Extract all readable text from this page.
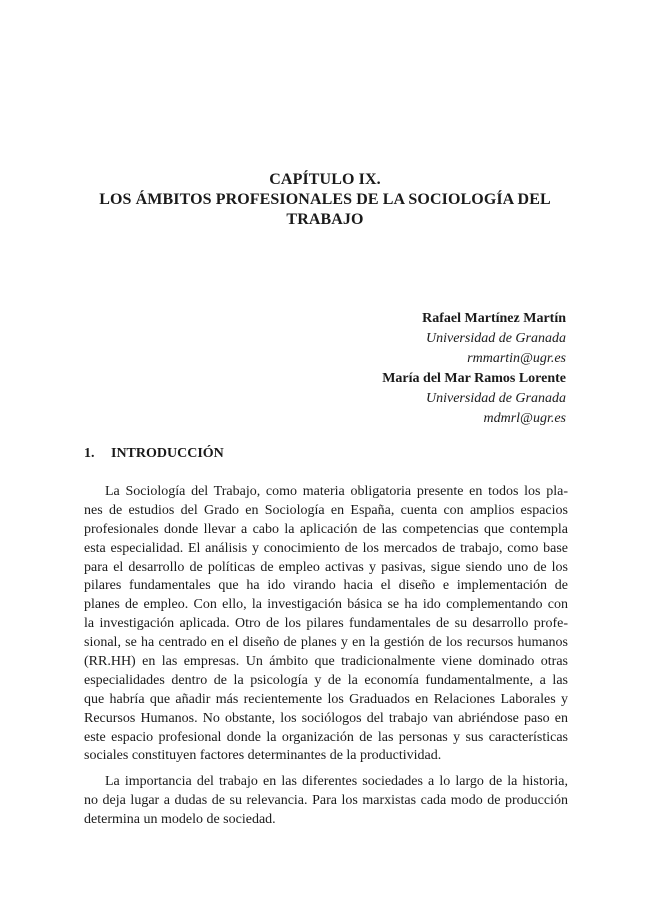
CAPÍTULO IX.
LOS ÁMBITOS PROFESIONALES DE LA SOCIOLOGÍA DEL
TRABAJO
Rafael Martínez Martín
Universidad de Granada
rmmartin@ugr.es
María del Mar Ramos Lorente
Universidad de Granada
mdmrl@ugr.es
1. INTRODUCCIÓN
La Sociología del Trabajo, como materia obligatoria presente en todos los pla-
nes de estudios del Grado en Sociología en España, cuenta con amplios espacios
profesionales donde llevar a cabo la aplicación de las competencias que contempla
esta especialidad. El análisis y conocimiento de los mercados de trabajo, como base
para el desarrollo de políticas de empleo activas y pasivas, sigue siendo uno de los
pilares fundamentales que ha ido virando hacia el diseño e implementación de
planes de empleo. Con ello, la investigación básica se ha ido complementando con
la investigación aplicada. Otro de los pilares fundamentales de su desarrollo profe-
sional, se ha centrado en el diseño de planes y en la gestión de los recursos humanos
(RR.HH) en las empresas. Un ámbito que tradicionalmente viene dominado otras
especialidades dentro de la psicología y de la economía fundamentalmente, a las
que habría que añadir más recientemente los Graduados en Relaciones Laborales y
Recursos Humanos. No obstante, los sociólogos del trabajo van abriéndose paso en
este espacio profesional donde la organización de las personas y sus características
sociales constituyen factores determinantes de la productividad.
La importancia del trabajo en las diferentes sociedades a lo largo de la historia,
no deja lugar a dudas de su relevancia. Para los marxistas cada modo de producción
determina un modelo de sociedad.
